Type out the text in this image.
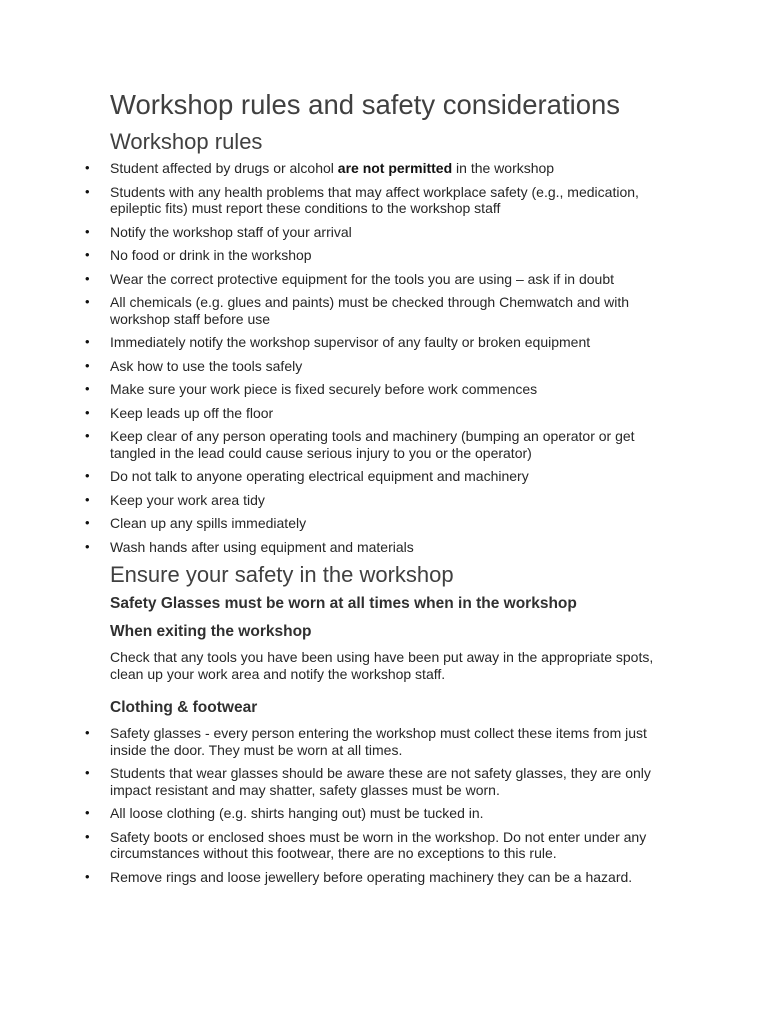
Workshop rules and safety considerations
Workshop rules
• Student affected by drugs or alcohol are not permitted in the workshop
• Students with any health problems that may affect workplace safety (e.g., medication, epileptic fits) must report these conditions to the workshop staff
• Notify the workshop staff of your arrival
• No food or drink in the workshop
• Wear the correct protective equipment for the tools you are using – ask if in doubt
• All chemicals (e.g. glues and paints) must be checked through Chemwatch and with workshop staff before use
• Immediately notify the workshop supervisor of any faulty or broken equipment
• Ask how to use the tools safely
• Make sure your work piece is fixed securely before work commences
• Keep leads up off the floor
• Keep clear of any person operating tools and machinery (bumping an operator or get tangled in the lead could cause serious injury to you or the operator)
• Do not talk to anyone operating electrical equipment and machinery
• Keep your work area tidy
• Clean up any spills immediately
• Wash hands after using equipment and materials
Ensure your safety in the workshop
Safety Glasses must be worn at all times when in the workshop
When exiting the workshop

Check that any tools you have been using have been put away in the appropriate spots, clean up your work area and notify the workshop staff.

Clothing & footwear
• Safety glasses - every person entering the workshop must collect these items from just inside the door. They must be worn at all times.
• Students that wear glasses should be aware these are not safety glasses, they are only impact resistant and may shatter, safety glasses must be worn.
• All loose clothing (e.g. shirts hanging out) must be tucked in.
• Safety boots or enclosed shoes must be worn in the workshop. Do not enter under any circumstances without this footwear, there are no exceptions to this rule.
• Remove rings and loose jewellery before operating machinery they can be a hazard.
